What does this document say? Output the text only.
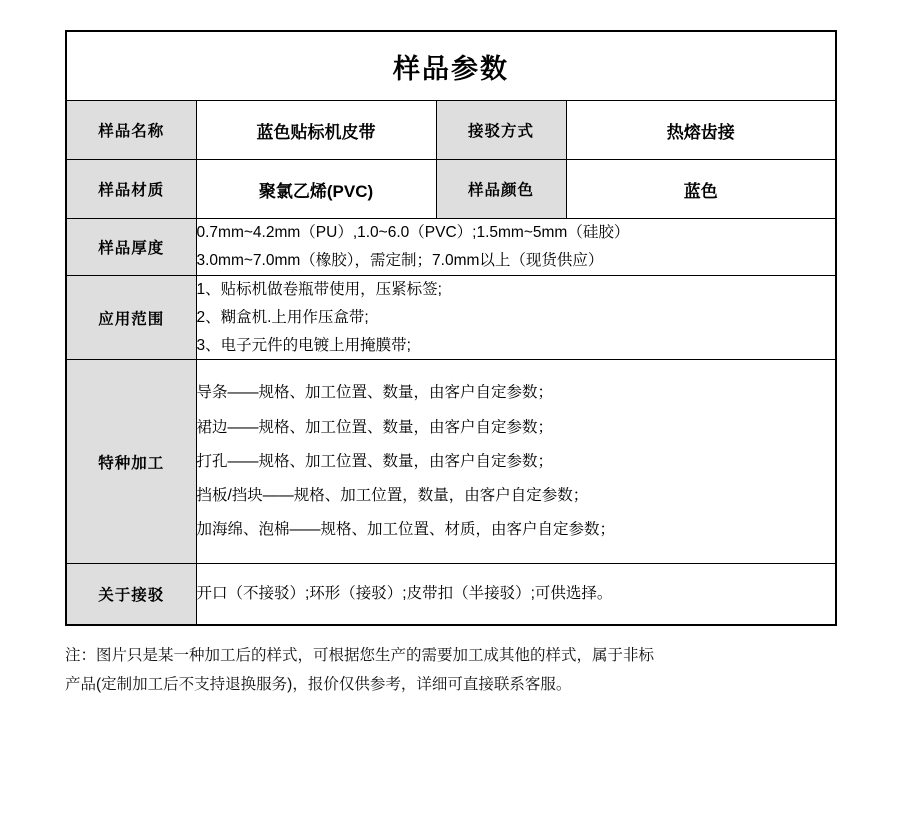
样品参数			
样品名称	蓝色贴标机皮带	接驳方式	热熔齿接
样品材质	聚氯乙烯(PVC)	样品颜色	蓝色
样品厚度	0.7mm~4.2mm（PU）,1.0~6.0（PVC）;1.5mm~5mm（硅胶）
3.0mm~7.0mm（橡胶），需定制；7.0mm以上（现货供应）		

应用范围	1、贴标机做卷瓶带使用，压紧标签;
2、糊盒机.上用作压盒带;
3、电子元件的电镀上用掩膜带;		

特种加工	导条——规格、加工位置、数量，由客户自定参数；
裙边——规格、加工位置、数量，由客户自定参数；
打孔——规格、加工位置、数量，由客户自定参数；
挡板/挡块——规格、加工位置，数量，由客户自定参数；
加海绵、泡棉——规格、加工位置、材质，由客户自定参数；		

关于接驳	开口（不接驳）;环形（接驳）;皮带扣（半接驳）;可供选择。		
注：图片只是某一种加工后的样式，可根据您生产的需要加工成其他的样式，属于非标
产品(定制加工后不支持退换服务)，报价仅供参考，详细可直接联系客服。
